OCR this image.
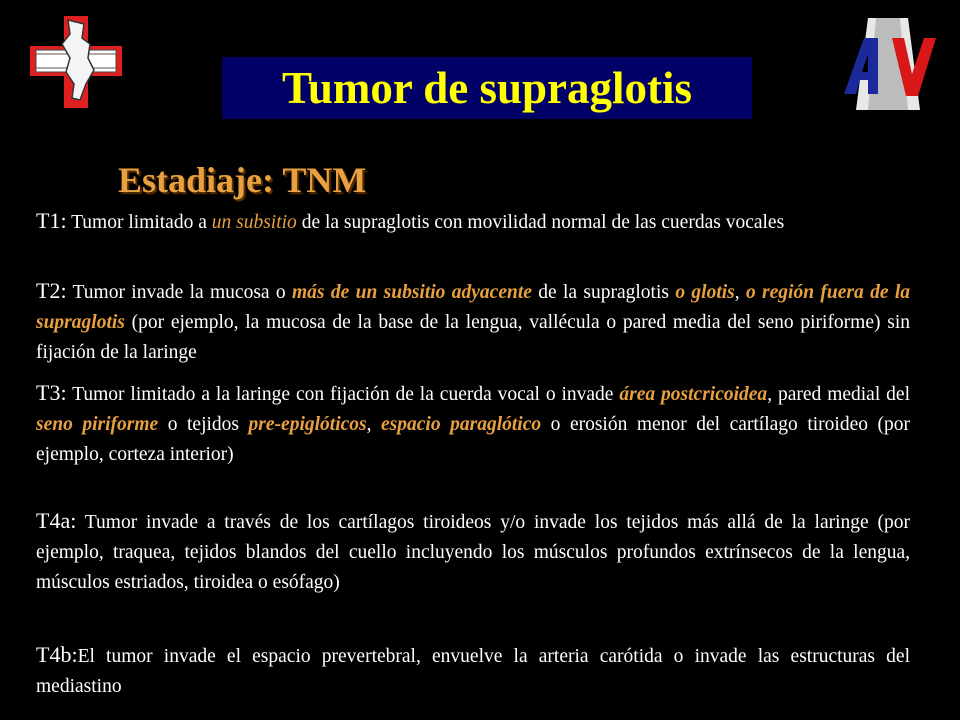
Tumor de supraglotis
Estadiaje: TNM
T1: Tumor limitado a un subsitio de la supraglotis con movilidad normal de las cuerdas vocales
T2: Tumor invade la mucosa o más de un subsitio adyacente de la supraglotis o glotis, o región fuera de la supraglotis (por ejemplo, la mucosa de la base de la lengua, vallécula o pared media del seno piriforme) sin fijación de la laringe
T3: Tumor limitado a la laringe con fijación de la cuerda vocal o invade área postcricoidea, pared medial del seno piriforme o tejidos pre-epiglóticos, espacio paraglótico o erosión menor del cartílago tiroideo (por ejemplo, corteza interior)
T4a: Tumor invade a través de los cartílagos tiroideos y/o invade los tejidos más allá de la laringe (por ejemplo, traquea, tejidos blandos del cuello incluyendo los músculos profundos extrínsecos de la lengua, músculos estriados, tiroidea o esófago)
T4b:El tumor invade el espacio prevertebral, envuelve la arteria carótida o invade las estructuras del mediastino
